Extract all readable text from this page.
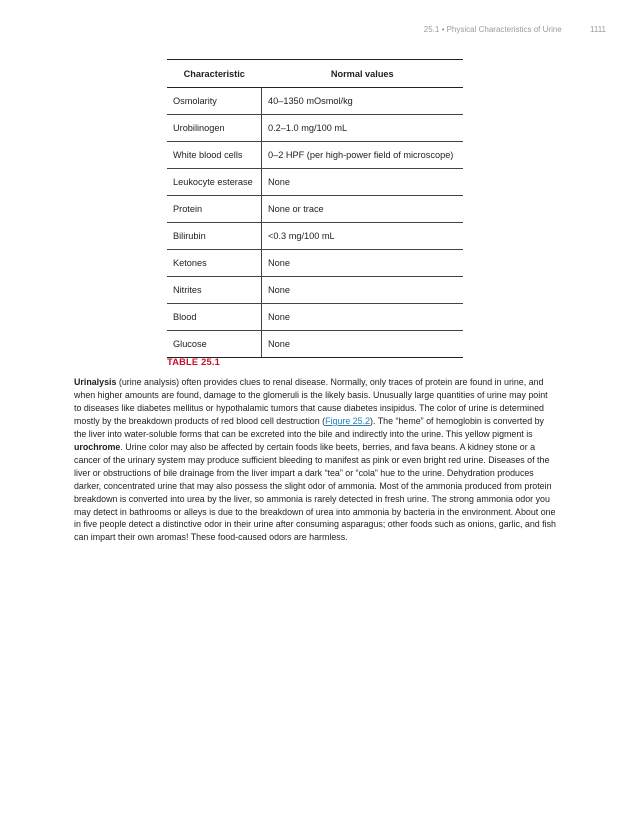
25.1 • Physical Characteristics of Urine	1111
Characteristic	Normal values
Osmolarity	40–1350 mOsmol/kg
Urobilinogen	0.2–1.0 mg/100 mL
White blood cells	0–2 HPF (per high-power field of microscope)
Leukocyte esterase	None
Protein	None or trace
Bilirubin	<0.3 mg/100 mL
Ketones	None
Nitrites	None
Blood	None
Glucose	None
TABLE 25.1

Urinalysis (urine analysis) often provides clues to renal disease. Normally, only traces of protein are found in urine, and when higher amounts are found, damage to the glomeruli is the likely basis. Unusually large quantities of urine may point to diseases like diabetes mellitus or hypothalamic tumors that cause diabetes insipidus. The color of urine is determined mostly by the breakdown products of red blood cell destruction (Figure 25.2). The “heme” of hemoglobin is converted by the liver into water-soluble forms that can be excreted into the bile and indirectly into the urine. This yellow pigment is urochrome. Urine color may also be affected by certain foods like beets, berries, and fava beans. A kidney stone or a cancer of the urinary system may produce sufficient bleeding to manifest as pink or even bright red urine. Diseases of the liver or obstructions of bile drainage from the liver impart a dark “tea” or “cola” hue to the urine. Dehydration produces darker, concentrated urine that may also possess the slight odor of ammonia. Most of the ammonia produced from protein breakdown is converted into urea by the liver, so ammonia is rarely detected in fresh urine. The strong ammonia odor you may detect in bathrooms or alleys is due to the breakdown of urea into ammonia by bacteria in the environment. About one in five people detect a distinctive odor in their urine after consuming asparagus; other foods such as onions, garlic, and fish can impart their own aromas! These food-caused odors are harmless.
